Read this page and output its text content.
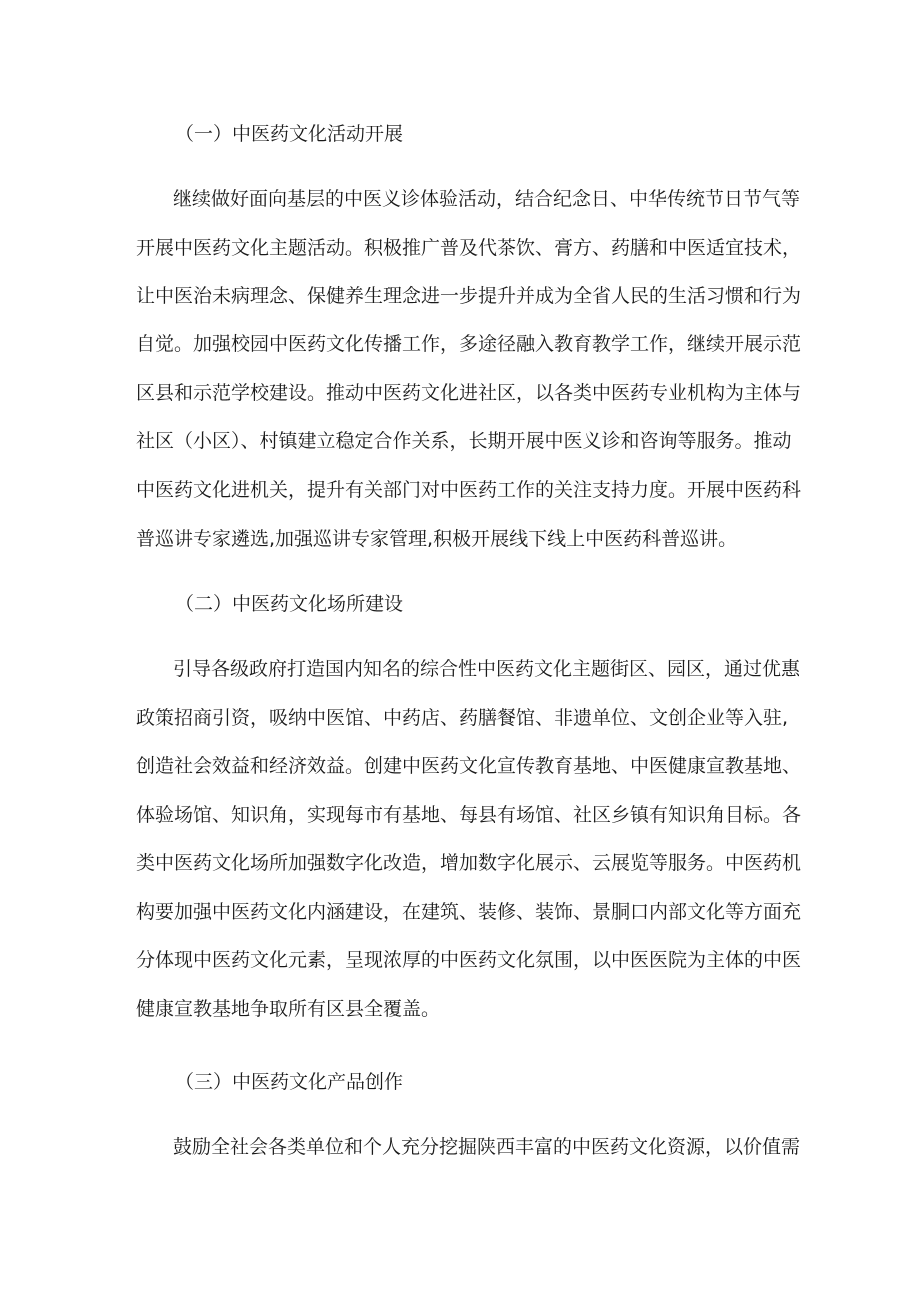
（一）中医药文化活动开展

继续做好面向基层的中医义诊体验活动，结合纪念日、中华传统节日节气等

开展中医药文化主题活动。积极推广普及代茶饮、膏方、药膳和中医适宜技术，

让中医治未病理念、保健养生理念进一步提升并成为全省人民的生活习惯和行为

自觉。加强校园中医药文化传播工作，多途径融入教育教学工作，继续开展示范

区县和示范学校建设。推动中医药文化进社区，以各类中医药专业机构为主体与

社区（小区）、村镇建立稳定合作关系，长期开展中医义诊和咨询等服务。推动

中医药文化进机关，提升有关部门对中医药工作的关注支持力度。开展中医药科

普巡讲专家遴选,加强巡讲专家管理,积极开展线下线上中医药科普巡讲。

（二）中医药文化场所建设

引导各级政府打造国内知名的综合性中医药文化主题街区、园区，通过优惠

政策招商引资，吸纳中医馆、中药店、药膳餐馆、非遗单位、文创企业等入驻,

创造社会效益和经济效益。创建中医药文化宣传教育基地、中医健康宣教基地、

体验场馆、知识角，实现每市有基地、每县有场馆、社区乡镇有知识角目标。各

类中医药文化场所加强数字化改造，增加数字化展示、云展览等服务。中医药机

构要加强中医药文化内涵建设，在建筑、装修、装饰、景胴口内部文化等方面充

分体现中医药文化元素，呈现浓厚的中医药文化氛围，以中医医院为主体的中医

健康宣教基地争取所有区县全覆盖。

（三）中医药文化产品创作

鼓励全社会各类单位和个人充分挖掘陕西丰富的中医药文化资源，以价值需
